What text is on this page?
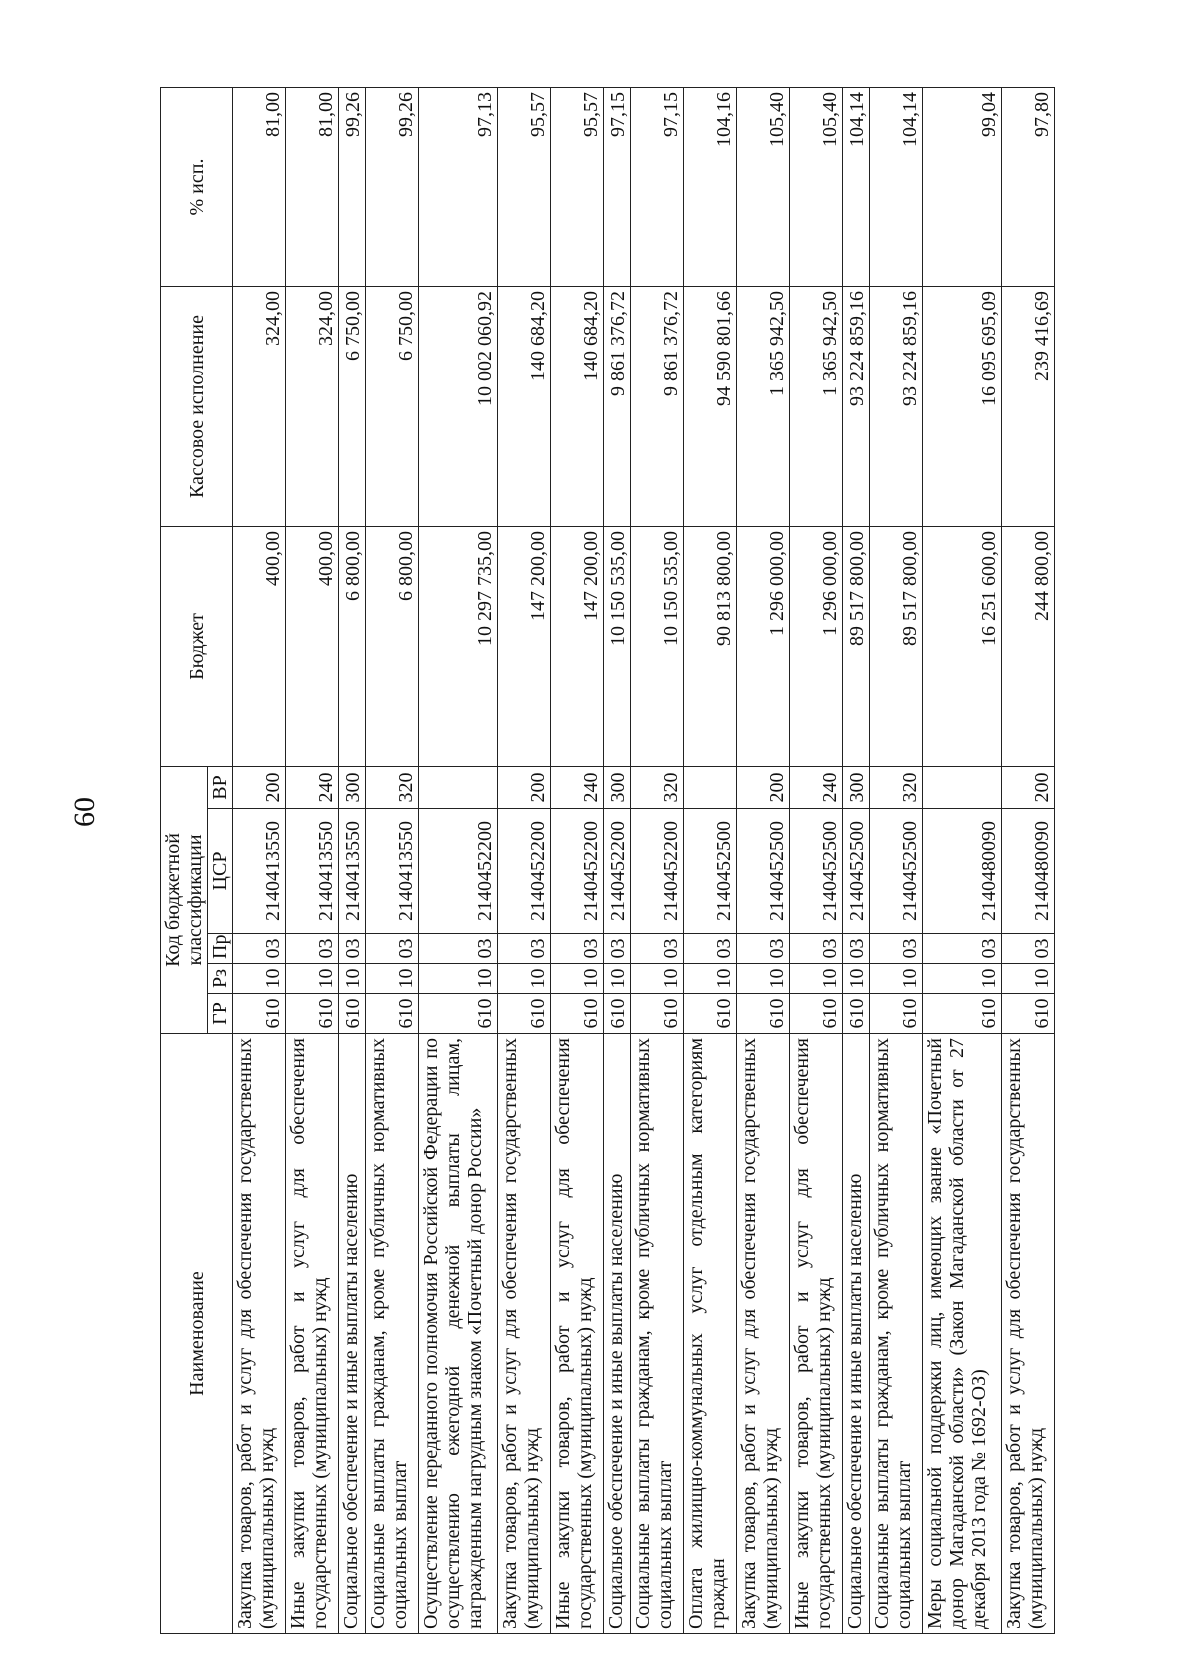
60
Наименование	Код бюджетной классификации					Бюджет	Кассовое исполнение	% исп.
	ГР	Рз	Пр	ЦСР	ВР			
Закупка товаров, работ и услуг для обеспечения государственных (муниципальных) нужд	610	10	03	2140413550	200	400,00	324,00	81,00
Иные закупки товаров, работ и услуг для обеспечения государственных (муниципальных) нужд	610	10	03	2140413550	240	400,00	324,00	81,00
Социальное обеспечение и иные выплаты населению	610	10	03	2140413550	300	6 800,00	6 750,00	99,26
Социальные выплаты гражданам, кроме публичных нормативных социальных выплат	610	10	03	2140413550	320	6 800,00	6 750,00	99,26
Осуществление переданного полномочия Российской Федерации по осуществлению ежегодной денежной выплаты лицам, награжденным нагрудным знаком «Почетный донор России»	610	10	03	2140452200		10 297 735,00	10 002 060,92	97,13
Закупка товаров, работ и услуг для обеспечения государственных (муниципальных) нужд	610	10	03	2140452200	200	147 200,00	140 684,20	95,57
Иные закупки товаров, работ и услуг для обеспечения государственных (муниципальных) нужд	610	10	03	2140452200	240	147 200,00	140 684,20	95,57
Социальное обеспечение и иные выплаты населению	610	10	03	2140452200	300	10 150 535,00	9 861 376,72	97,15
Социальные выплаты гражданам, кроме публичных нормативных социальных выплат	610	10	03	2140452200	320	10 150 535,00	9 861 376,72	97,15
Оплата жилищно-коммунальных услуг отдельным категориям граждан	610	10	03	2140452500		90 813 800,00	94 590 801,66	104,16
Закупка товаров, работ и услуг для обеспечения государственных (муниципальных) нужд	610	10	03	2140452500	200	1 296 000,00	1 365 942,50	105,40
Иные закупки товаров, работ и услуг для обеспечения государственных (муниципальных) нужд	610	10	03	2140452500	240	1 296 000,00	1 365 942,50	105,40
Социальное обеспечение и иные выплаты населению	610	10	03	2140452500	300	89 517 800,00	93 224 859,16	104,14
Социальные выплаты гражданам, кроме публичных нормативных социальных выплат	610	10	03	2140452500	320	89 517 800,00	93 224 859,16	104,14
Меры социальной поддержки лиц, имеющих звание «Почетный донор Магаданской области» (Закон Магаданской области от 27 декабря 2013 года № 1692-ОЗ)	610	10	03	2140480090		16 251 600,00	16 095 695,09	99,04
Закупка товаров, работ и услуг для обеспечения государственных (муниципальных) нужд	610	10	03	2140480090	200	244 800,00	239 416,69	97,80
